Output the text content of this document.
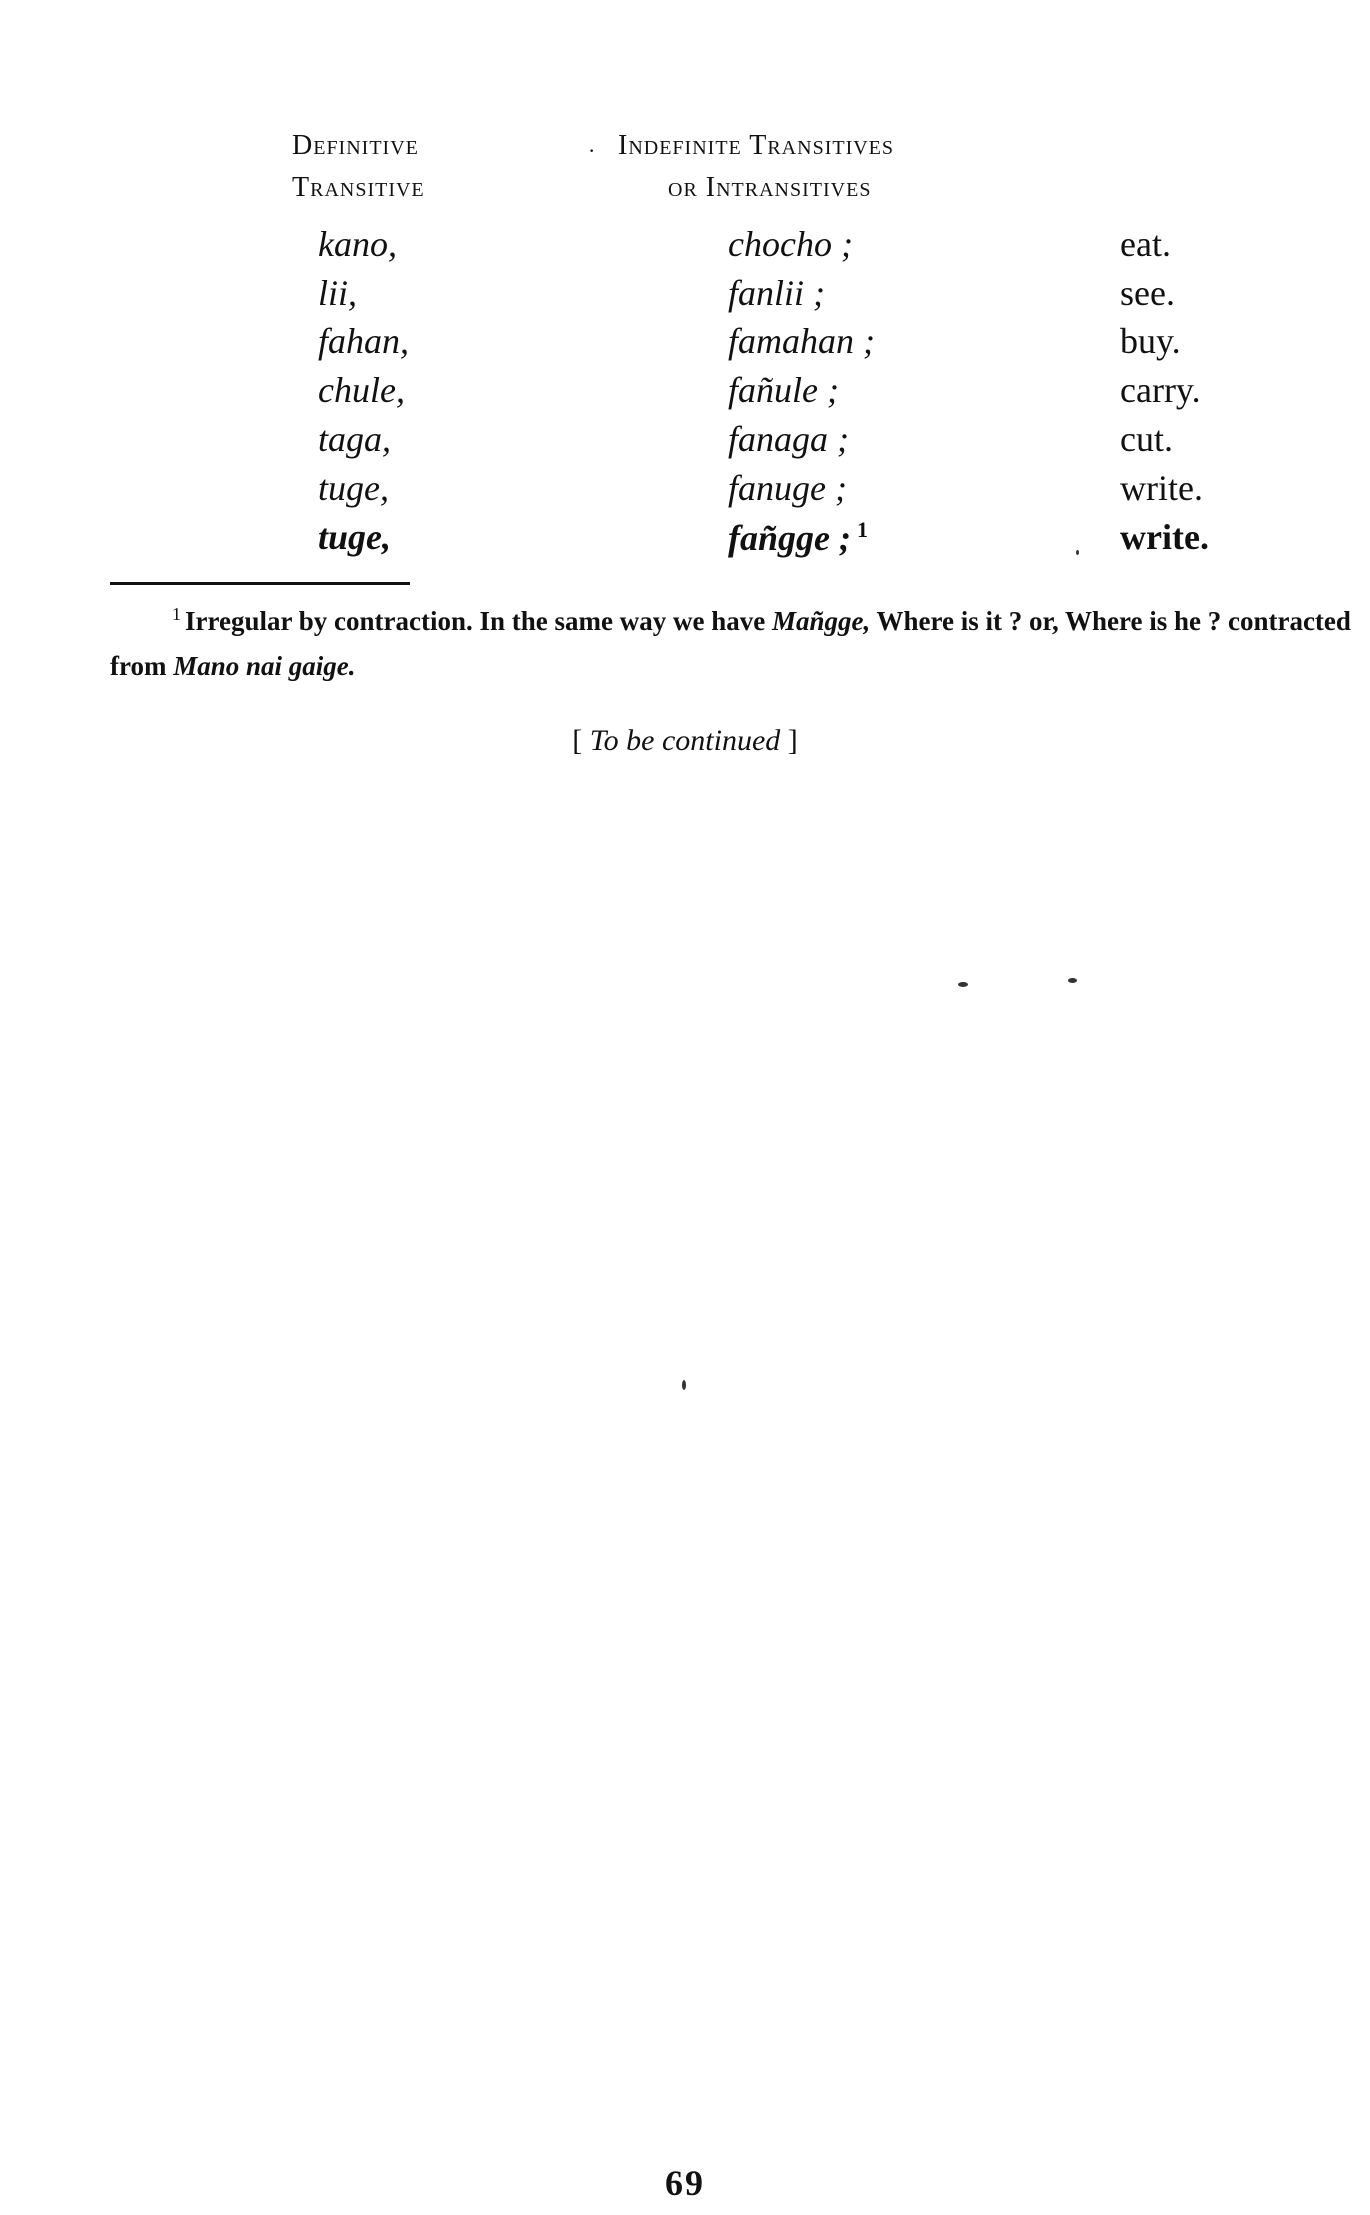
Definitive
Transitive
· Indefinite Transitives
or Intransitives
kano,	chocho ;	eat.
lii,	fanlii ;	see.
fahan,	famahan ;	buy.
chule,	fañule ;	carry.
taga,	fanaga ;	cut.
tuge,	fanuge ;	write.
tuge,	fañgge ; $^1$	write.
$^1$ Irregular by contraction. In the same way we have Mañgge, Where is it ? or, Where is he ? contracted from Mano nai gaige.
[ To be continued ]
69
